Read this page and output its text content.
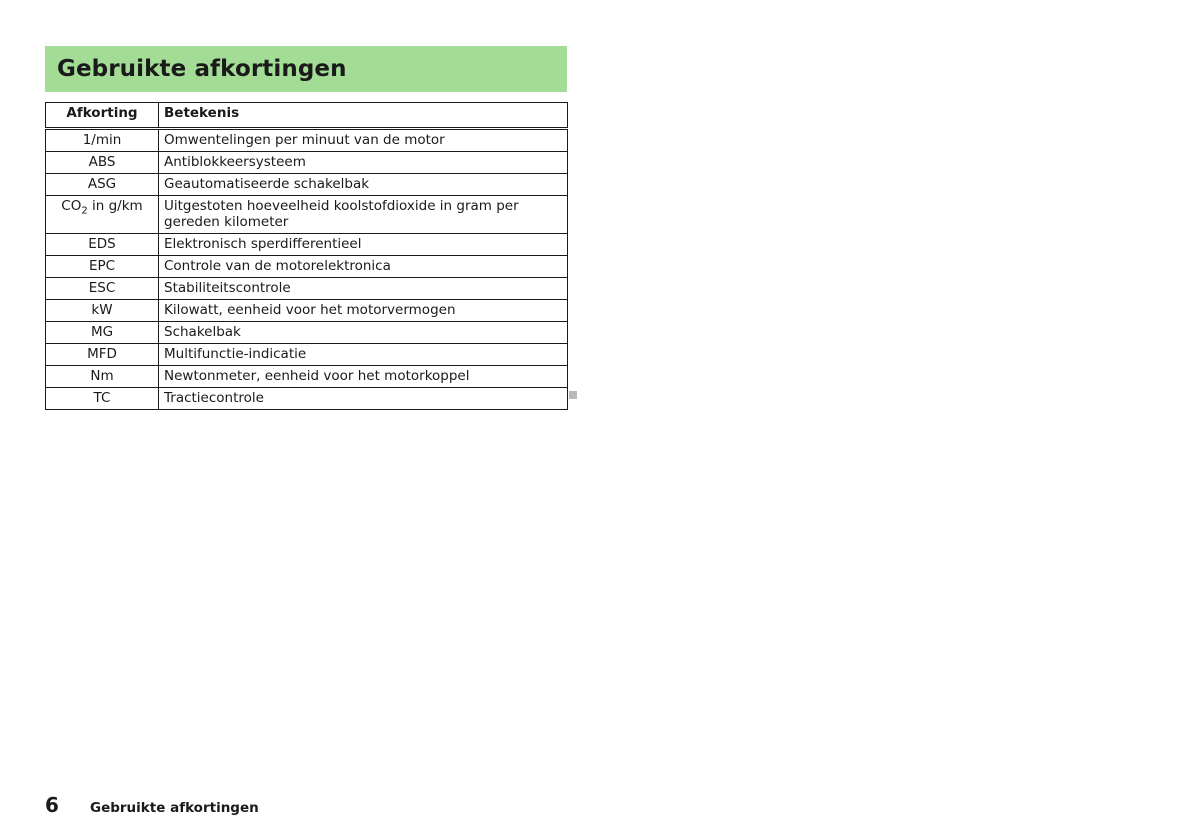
Gebruikte afkortingen
Afkorting	Betekenis
1/min	Omwentelingen per minuut van de motor
ABS	Antiblokkeersysteem
ASG	Geautomatiseerde schakelbak
$CO_2$ in g/km	Uitgestoten hoeveelheid koolstofdioxide in gram per gereden kilometer
EDS	Elektronisch sperdifferentieel
EPC	Controle van de motorelektronica
ESC	Stabiliteitscontrole
kW	Kilowatt, eenheid voor het motorvermogen
MG	Schakelbak
MFD	Multifunctie-indicatie
Nm	Newtonmeter, eenheid voor het motorkoppel
TC	Tractiecontrole
6	Gebruikte afkortingen
